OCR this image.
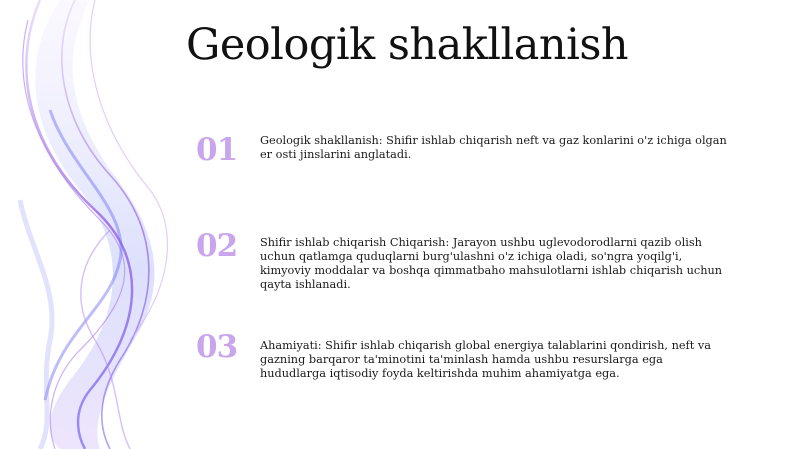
Geologik shakllanish
01	Geologik shakllanish: Shifir ishlab chiqarish neft va gaz konlarini o'z ichiga olgan er osti jinslarini anglatadi.
02	Shifir ishlab chiqarish Chiqarish: Jarayon ushbu uglevodorodlarni qazib olish uchun qatlamga quduqlarni burg'ulashni o'z ichiga oladi, so'ngra yoqilg'i, kimyoviy moddalar va boshqa qimmatbaho mahsulotlarni ishlab chiqarish uchun qayta ishlanadi.
03	Ahamiyati: Shifir ishlab chiqarish global energiya talablarini qondirish, neft va gazning barqaror ta'minotini ta'minlash hamda ushbu resurslarga ega hududlarga iqtisodiy foyda keltirishda muhim ahamiyatga ega.
